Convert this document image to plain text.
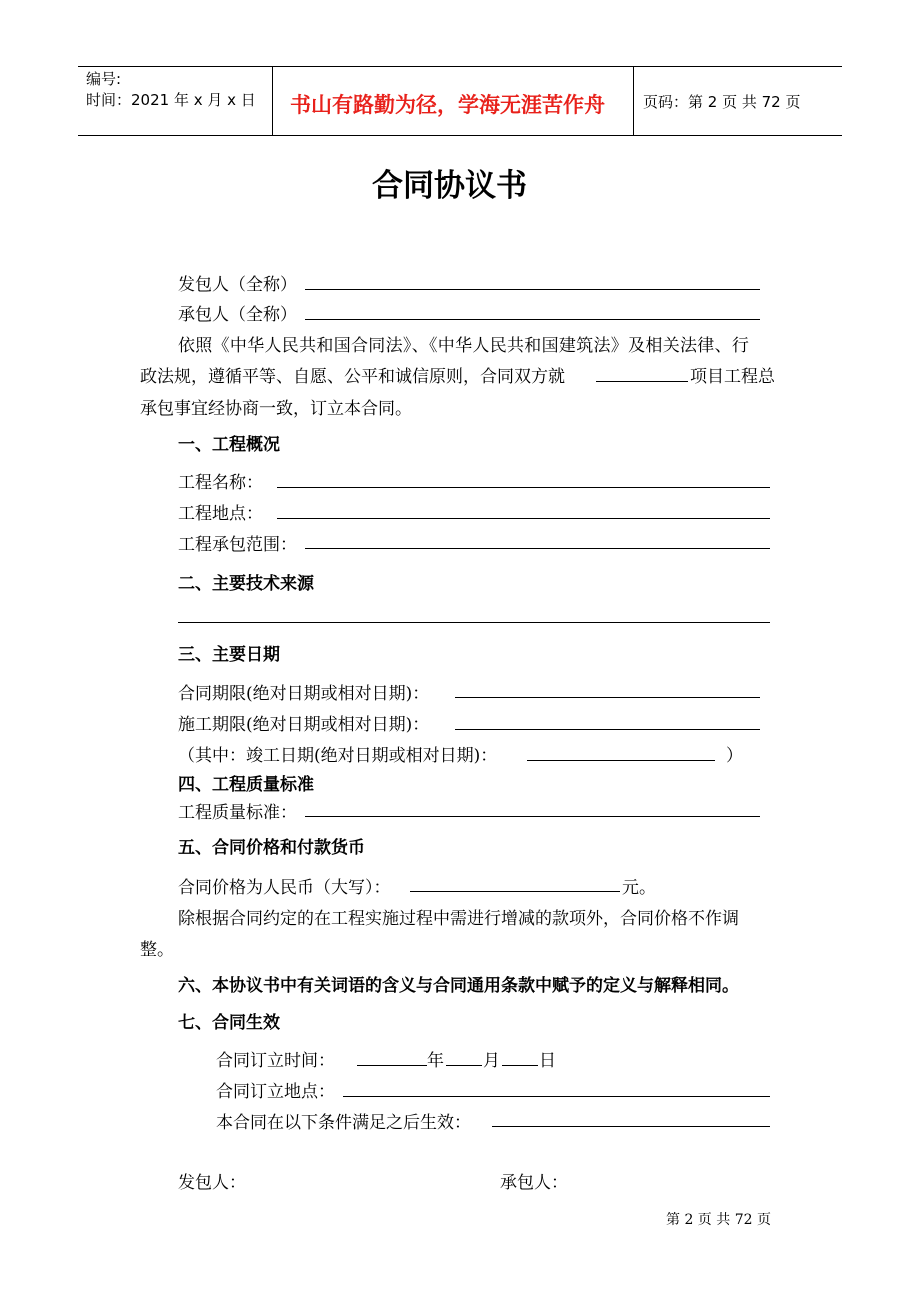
编号:
时间：2021 年 x 月 x 日 书山有路勤为径，学海无涯苦作舟	页码：第 2 页 共 72 页
合同协议书
发包人（全称）
承包人（全称）
依照《中华人民共和国合同法》、《中华人民共和国建筑法》及相关法律、行
政法规，遵循平等、自愿、公平和诚信原则，合同双方就	项目工程总
承包事宜经协商一致，订立本合同。
一、工程概况
工程名称：
工程地点：
工程承包范围：
二、主要技术来源
三、主要日期
合同期限(绝对日期或相对日期)：
施工期限(绝对日期或相对日期)：
（其中：竣工日期(绝对日期或相对日期)：	）
四、工程质量标准
工程质量标准：
五、合同价格和付款货币
合同价格为人民币（大写）：	元。
除根据合同约定的在工程实施过程中需进行增减的款项外，合同价格不作调
整。
六、本协议书中有关词语的含义与合同通用条款中赋予的定义与解释相同。
七、合同生效
合同订立时间：	年 月 日
合同订立地点：
本合同在以下条件满足之后生效：
发包人：	承包人：
第 2 页 共 72 页
